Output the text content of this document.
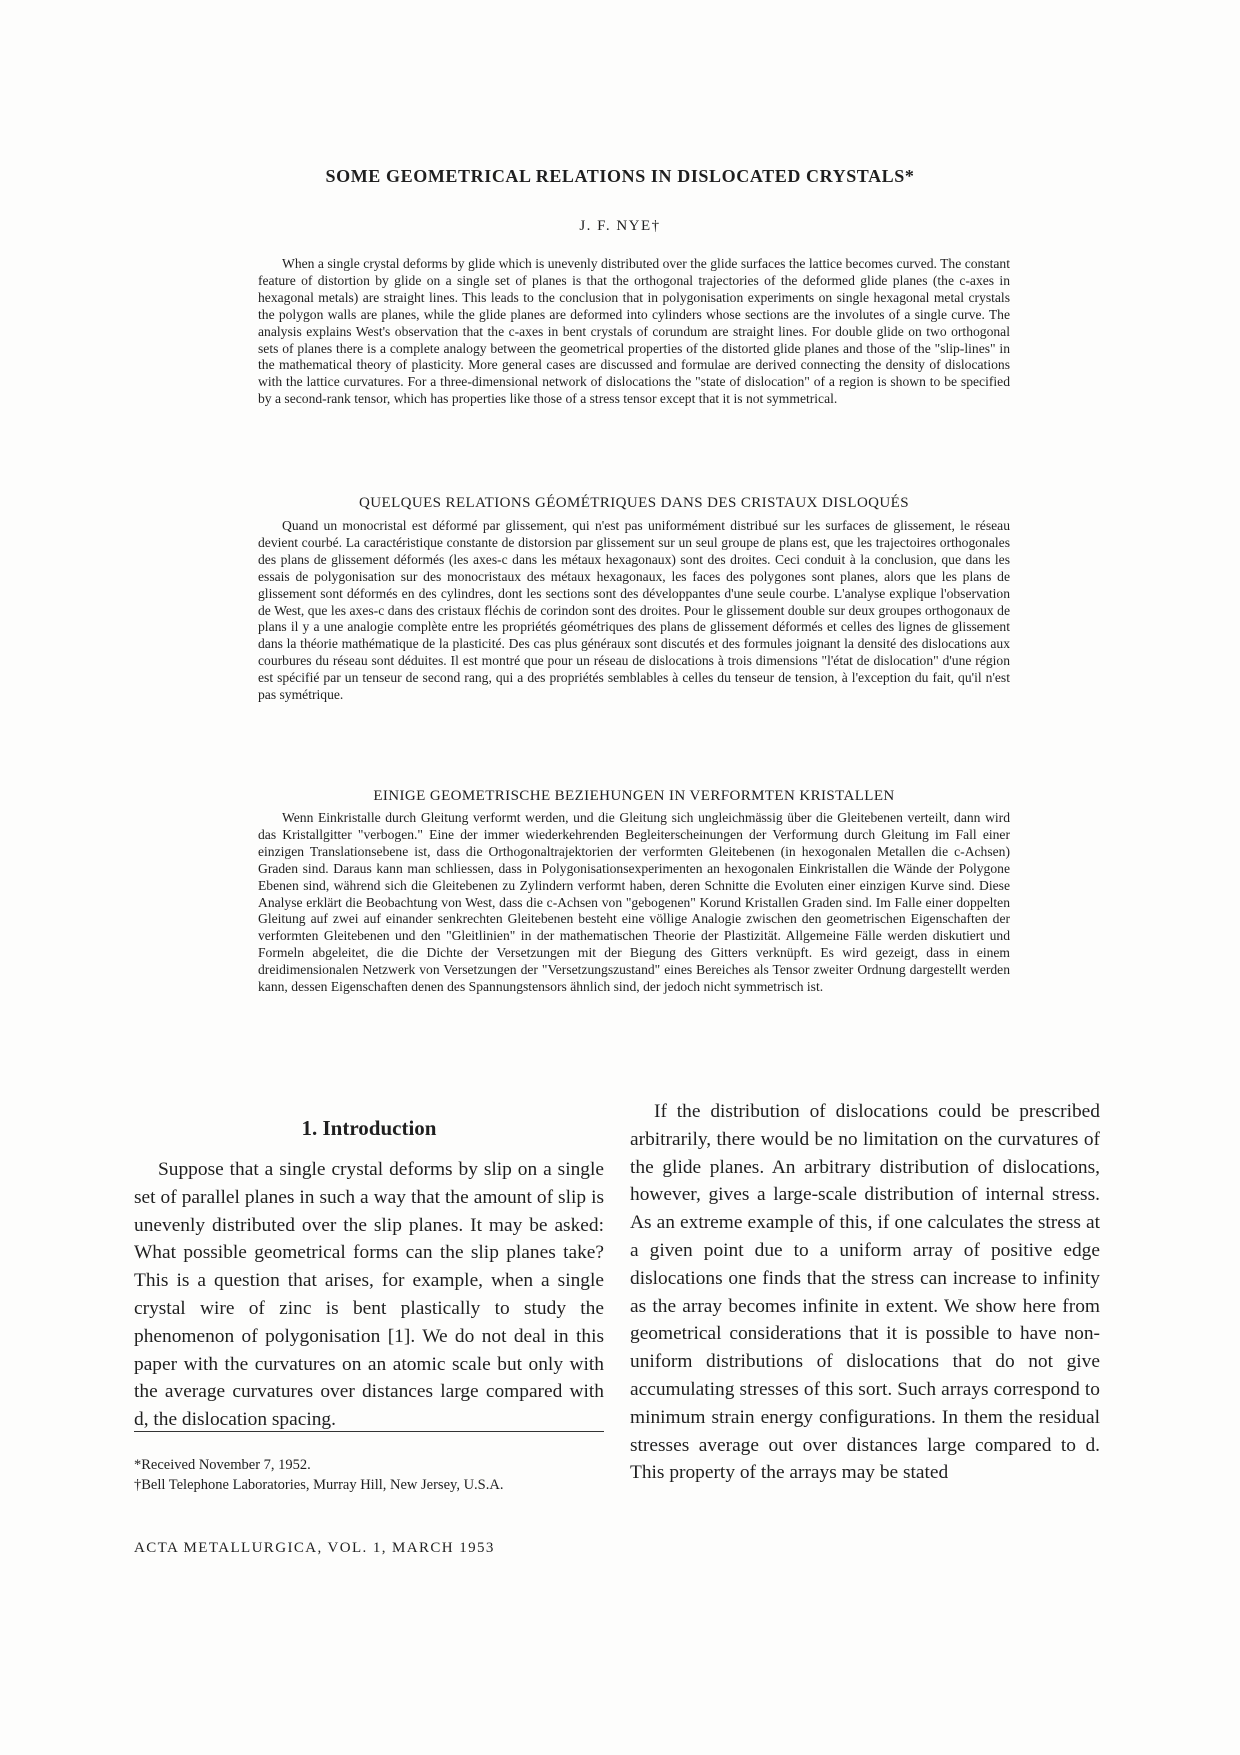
SOME GEOMETRICAL RELATIONS IN DISLOCATED CRYSTALS*
J. F. NYE†

When a single crystal deforms by glide which is unevenly distributed over the glide surfaces the lattice becomes curved. The constant feature of distortion by glide on a single set of planes is that the orthogonal trajectories of the deformed glide planes (the c-axes in hexagonal metals) are straight lines. This leads to the conclusion that in polygonisation experiments on single hexagonal metal crystals the polygon walls are planes, while the glide planes are deformed into cylinders whose sections are the involutes of a single curve. The analysis explains West's observation that the c-axes in bent crystals of corundum are straight lines. For double glide on two orthogonal sets of planes there is a complete analogy between the geometrical properties of the distorted glide planes and those of the "slip-lines" in the mathematical theory of plasticity. More general cases are discussed and formulae are derived connecting the density of dislocations with the lattice curvatures. For a three-dimensional network of dislocations the "state of dislocation" of a region is shown to be specified by a second-rank tensor, which has properties like those of a stress tensor except that it is not symmetrical.

QUELQUES RELATIONS GÉOMÉTRIQUES DANS DES CRISTAUX DISLOQUÉS

Quand un monocristal est déformé par glissement, qui n'est pas uniformément distribué sur les surfaces de glissement, le réseau devient courbé. La caractéristique constante de distorsion par glissement sur un seul groupe de plans est, que les trajectoires orthogonales des plans de glissement déformés (les axes-c dans les métaux hexagonaux) sont des droites. Ceci conduit à la conclusion, que dans les essais de polygonisation sur des monocristaux des métaux hexagonaux, les faces des polygones sont planes, alors que les plans de glissement sont déformés en des cylindres, dont les sections sont des développantes d'une seule courbe. L'analyse explique l'observation de West, que les axes-c dans des cristaux fléchis de corindon sont des droites. Pour le glissement double sur deux groupes orthogonaux de plans il y a une analogie complète entre les propriétés géométriques des plans de glissement déformés et celles des lignes de glissement dans la théorie mathématique de la plasticité. Des cas plus généraux sont discutés et des formules joignant la densité des dislocations aux courbures du réseau sont déduites. Il est montré que pour un réseau de dislocations à trois dimensions "l'état de dislocation" d'une région est spécifié par un tenseur de second rang, qui a des propriétés semblables à celles du tenseur de tension, à l'exception du fait, qu'il n'est pas symétrique.

EINIGE GEOMETRISCHE BEZIEHUNGEN IN VERFORMTEN KRISTALLEN

Wenn Einkristalle durch Gleitung verformt werden, und die Gleitung sich ungleichmässig über die Gleitebenen verteilt, dann wird das Kristallgitter "verbogen." Eine der immer wiederkehrenden Begleiterscheinungen der Verformung durch Gleitung im Fall einer einzigen Translationsebene ist, dass die Orthogonaltrajektorien der verformten Gleitebenen (in hexogonalen Metallen die c-Achsen) Graden sind. Daraus kann man schliessen, dass in Polygonisationsexperimenten an hexogonalen Einkristallen die Wände der Polygone Ebenen sind, während sich die Gleitebenen zu Zylindern verformt haben, deren Schnitte die Evoluten einer einzigen Kurve sind. Diese Analyse erklärt die Beobachtung von West, dass die c-Achsen von "gebogenen" Korund Kristallen Graden sind. Im Falle einer doppelten Gleitung auf zwei auf einander senkrechten Gleitebenen besteht eine völlige Analogie zwischen den geometrischen Eigenschaften der verformten Gleitebenen und den "Gleitlinien" in der mathematischen Theorie der Plastizität. Allgemeine Fälle werden diskutiert und Formeln abgeleitet, die die Dichte der Versetzungen mit der Biegung des Gitters verknüpft. Es wird gezeigt, dass in einem dreidimensionalen Netzwerk von Versetzungen der "Versetzungszustand" eines Bereiches als Tensor zweiter Ordnung dargestellt werden kann, dessen Eigenschaften denen des Spannungstensors ähnlich sind, der jedoch nicht symmetrisch ist.

1. Introduction

Suppose that a single crystal deforms by slip on a single set of parallel planes in such a way that the amount of slip is unevenly distributed over the slip planes. It may be asked: What possible geometrical forms can the slip planes take? This is a question that arises, for example, when a single crystal wire of zinc is bent plastically to study the phenomenon of polygonisation [1]. We do not deal in this paper with the curvatures on an atomic scale but only with the average curvatures over distances large compared with d, the dislocation spacing.

If the distribution of dislocations could be prescribed arbitrarily, there would be no limitation on the curvatures of the glide planes. An arbitrary distribution of dislocations, however, gives a large-scale distribution of internal stress. As an extreme example of this, if one calculates the stress at a given point due to a uniform array of positive edge dislocations one finds that the stress can increase to infinity as the array becomes infinite in extent. We show here from geometrical considerations that it is possible to have non-uniform distributions of dislocations that do not give accumulating stresses of this sort. Such arrays correspond to minimum strain energy configurations. In them the residual stresses average out over distances large compared to d. This property of the arrays may be stated

*Received November 7, 1952.

†Bell Telephone Laboratories, Murray Hill, New Jersey, U.S.A.

ACTA METALLURGICA, VOL. 1, MARCH 1953
